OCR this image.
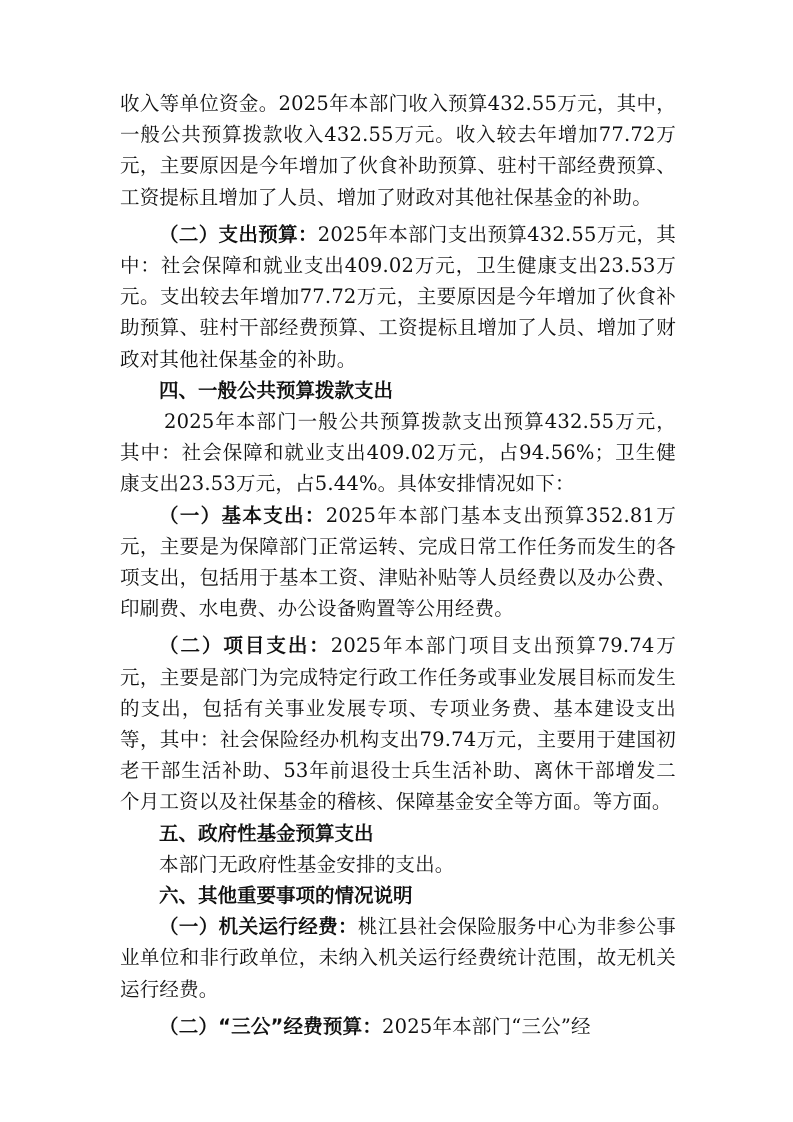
收入等单位资金。2025年本部门收入预算432.55万元，其中，一般公共预算拨款收入432.55万元。收入较去年增加77.72万元，主要原因是今年增加了伙食补助预算、驻村干部经费预算、工资提标且增加了人员、增加了财政对其他社保基金的补助。

（二）支出预算：2025年本部门支出预算432.55万元，其中：社会保障和就业支出409.02万元，卫生健康支出23.53万元。支出较去年增加77.72万元，主要原因是今年增加了伙食补助预算、驻村干部经费预算、工资提标且增加了人员、增加了财政对其他社保基金的补助。

四、一般公共预算拨款支出

2025年本部门一般公共预算拨款支出预算432.55万元，其中：社会保障和就业支出409.02万元，占94.56%；卫生健康支出23.53万元，占5.44%。具体安排情况如下：

（一）基本支出：2025年本部门基本支出预算352.81万元，主要是为保障部门正常运转、完成日常工作任务而发生的各项支出，包括用于基本工资、津贴补贴等人员经费以及办公费、印刷费、水电费、办公设备购置等公用经费。

（二）项目支出：2025年本部门项目支出预算79.74万元，主要是部门为完成特定行政工作任务或事业发展目标而发生的支出，包括有关事业发展专项、专项业务费、基本建设支出等，其中：社会保险经办机构支出79.74万元，主要用于建国初老干部生活补助、53年前退役士兵生活补助、离休干部增发二个月工资以及社保基金的稽核、保障基金安全等方面。等方面。

五、政府性基金预算支出

本部门无政府性基金安排的支出。

六、其他重要事项的情况说明

（一）机关运行经费：桃江县社会保险服务中心为非参公事业单位和非行政单位，未纳入机关运行经费统计范围，故无机关运行经费。

（二）“三公”经费预算：2025年本部门“三公”经
